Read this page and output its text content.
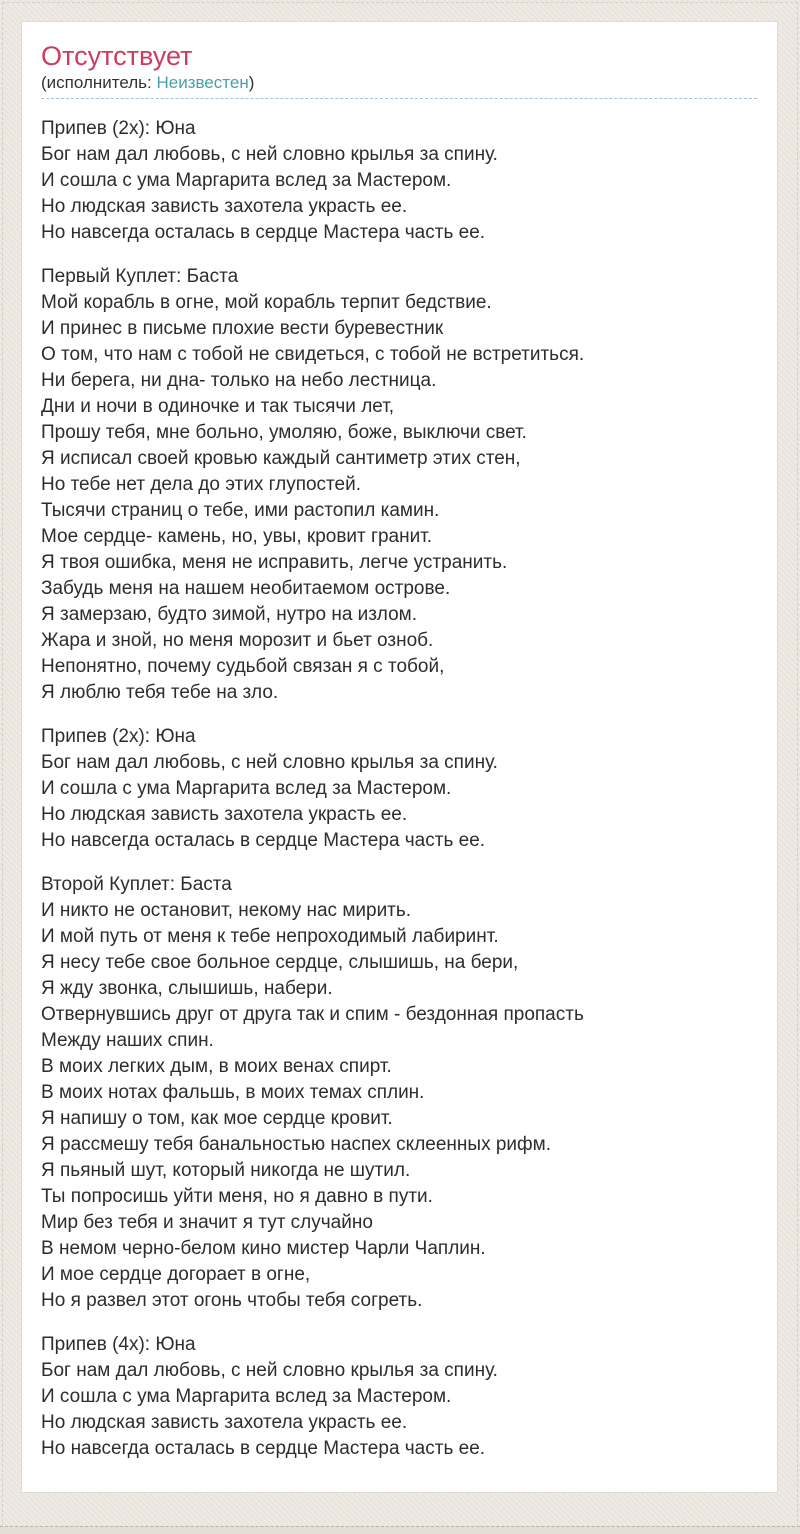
Отсутствует
(исполнитель: Неизвестен)

Припев (2x): Юна
Бог нам дал любовь, с ней словно крылья за спину.
И сошла с ума Маргарита вслед за Мастером.
Но людская зависть захотела украсть ее.
Но навсегда осталась в сердце Мастера часть ее.

Первый Куплет: Баста
Мой корабль в огне, мой корабль терпит бедствие.
И принес в письме плохие вести буревестник
О том, что нам с тобой не свидеться, с тобой не встретиться.
Ни берега, ни дна- только на небо лестница.
Дни и ночи в одиночке и так тысячи лет,
Прошу тебя, мне больно, умоляю, боже, выключи свет.
Я исписал своей кровью каждый сантиметр этих стен,
Но тебе нет дела до этих глупостей.
Тысячи страниц о тебе, ими растопил камин.
Мое сердце- камень, но, увы, кровит гранит.
Я твоя ошибка, меня не исправить, легче устранить.
Забудь меня на нашем необитаемом острове.
Я замерзаю, будто зимой, нутро на излом.
Жара и зной, но меня морозит и бьет озноб.
Непонятно, почему судьбой связан я с тобой,
Я люблю тебя тебе на зло.

Припев (2x): Юна
Бог нам дал любовь, с ней словно крылья за спину.
И сошла с ума Маргарита вслед за Мастером.
Но людская зависть захотела украсть ее.
Но навсегда осталась в сердце Мастера часть ее.

Второй Куплет: Баста
И никто не остановит, некому нас мирить.
И мой путь от меня к тебе непроходимый лабиринт.
Я несу тебе свое больное сердце, слышишь, на бери,
Я жду звонка, слышишь, набери.
Отвернувшись друг от друга так и спим - бездонная пропасть
Между наших спин.
В моих легких дым, в моих венах спирт.
В моих нотах фальшь, в моих темах сплин.
Я напишу о том, как мое сердце кровит.
Я рассмешу тебя банальностью наспех склеенных рифм.
Я пьяный шут, который никогда не шутил.
Ты попросишь уйти меня, но я давно в пути.
Мир без тебя и значит я тут случайно
В немом черно-белом кино мистер Чарли Чаплин.
И мое сердце догорает в огне,
Но я развел этот огонь чтобы тебя согреть.

Припев (4x): Юна
Бог нам дал любовь, с ней словно крылья за спину.
И сошла с ума Маргарита вслед за Мастером.
Но людская зависть захотела украсть ее.
Но навсегда осталась в сердце Мастера часть ее.
